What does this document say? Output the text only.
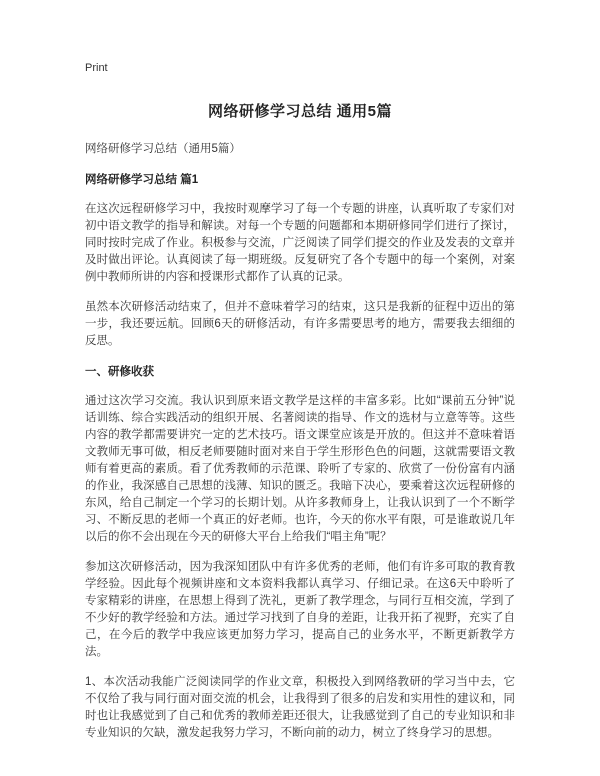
Print
网络研修学习总结 通用5篇
网络研修学习总结（通用5篇）
网络研修学习总结 篇1
在这次远程研修学习中，我按时观摩学习了每一个专题的讲座，认真听取了专家们对初中语文教学的指导和解读。对每一个专题的问题都和本期研修同学们进行了探讨，同时按时完成了作业。积极参与交流，广泛阅读了同学们提交的作业及发表的文章并及时做出评论。认真阅读了每一期班级。反复研究了各个专题中的每一个案例，对案例中教师所讲的内容和授课形式都作了认真的记录。
虽然本次研修活动结束了，但并不意味着学习的结束，这只是我新的征程中迈出的第一步，我还要远航。回顾6天的研修活动，有许多需要思考的地方，需要我去细细的反思。
一、研修收获
通过这次学习交流。我认识到原来语文教学是这样的丰富多彩。比如“课前五分钟”说话训练、综合实践活动的组织开展、名著阅读的指导、作文的选材与立意等等。这些内容的教学都需要讲究一定的艺术技巧。语文课堂应该是开放的。但这并不意味着语文教师无事可做，相反老师要随时面对来自于学生形形色色的问题，这就需要语文教师有着更高的素质。看了优秀教师的示范课、聆听了专家的、欣赏了一份份富有内涵的作业，我深感自己思想的浅薄、知识的匮乏。我暗下决心，要乘着这次远程研修的东风，给自己制定一个学习的长期计划。从许多教师身上，让我认识到了一个不断学习、不断反思的老师一个真正的好老师。也许，今天的你水平有限，可是谁敢说几年以后的你不会出现在今天的研修大平台上给我们“唱主角”呢？
参加这次研修活动，因为我深知团队中有许多优秀的老师，他们有许多可取的教育教学经验。因此每个视频讲座和文本资料我都认真学习、仔细记录。在这6天中聆听了专家精彩的讲座，在思想上得到了洗礼，更新了教学理念，与同行互相交流，学到了不少好的教学经验和方法。通过学习找到了自身的差距，让我开拓了视野，充实了自己，在今后的教学中我应该更加努力学习，提高自己的业务水平，不断更新教学方法。
1、本次活动我能广泛阅读同学的作业文章，积极投入到网络教研的学习当中去，它不仅给了我与同行面对面交流的机会，让我得到了很多的启发和实用性的建议和，同时也让我感觉到了自己和优秀的教师差距还很大，让我感觉到了自己的专业知识和非专业知识的欠缺，激发起我努力学习，不断向前的动力，树立了终身学习的思想。
